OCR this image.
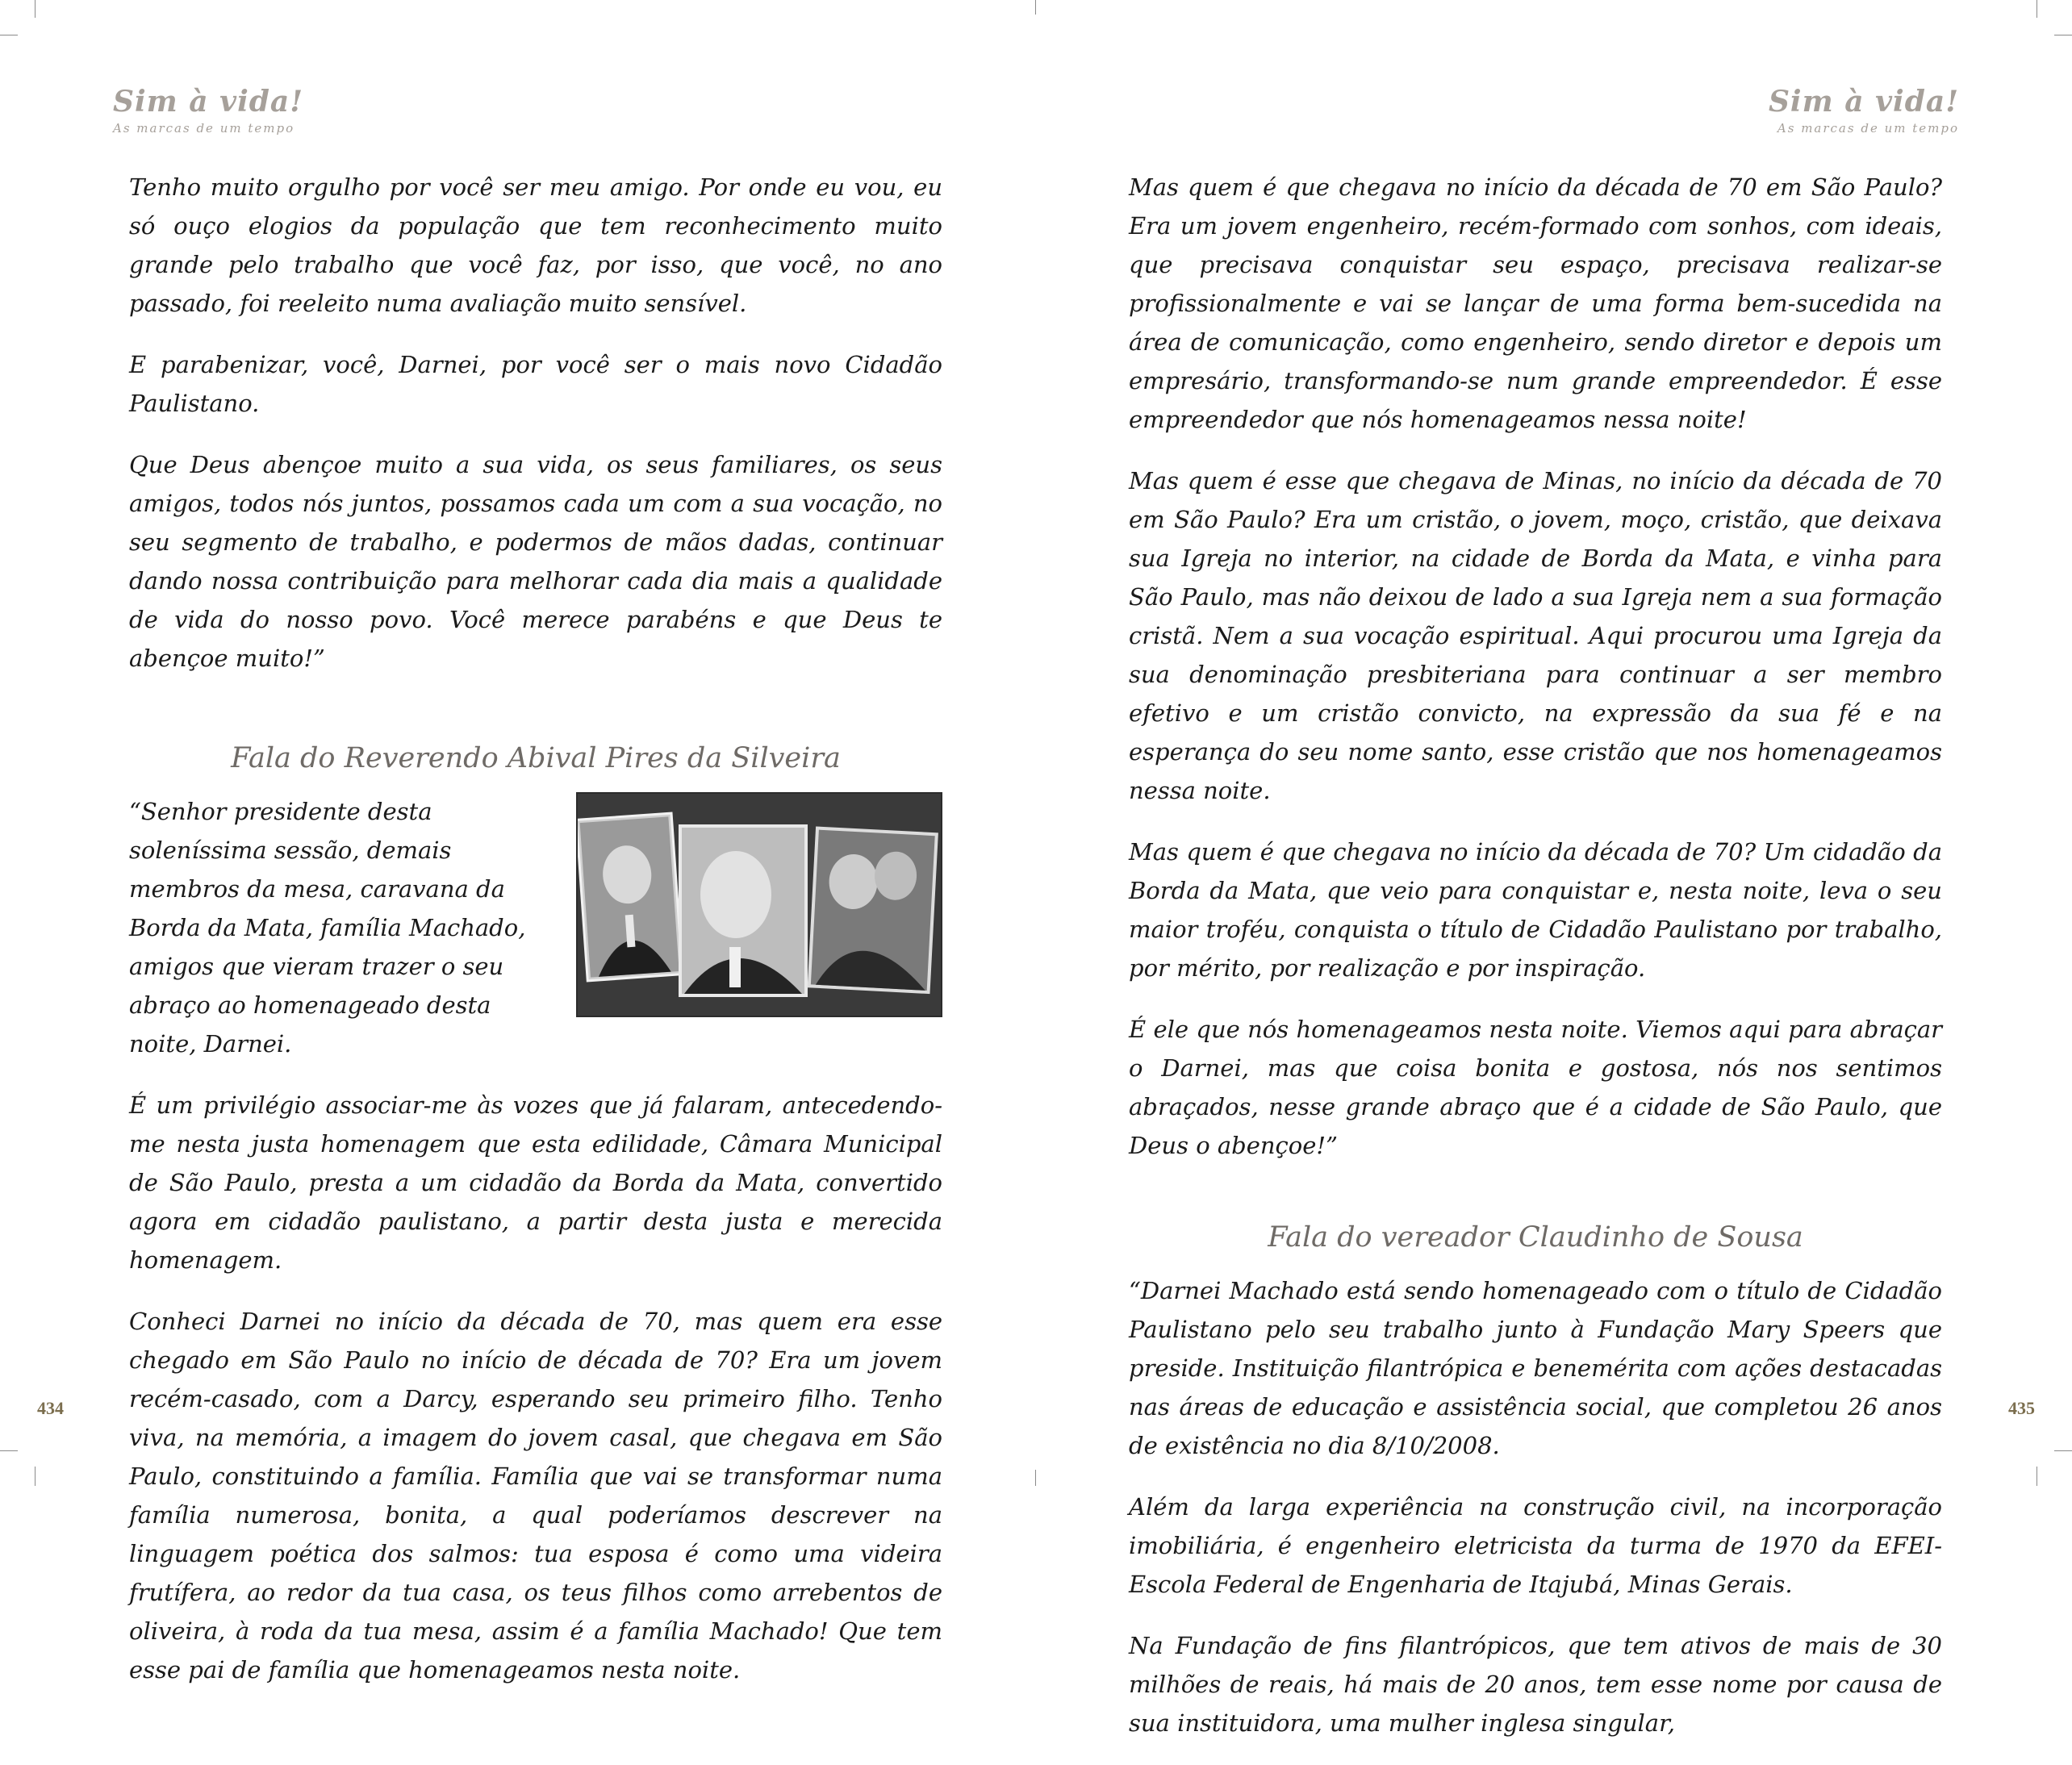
Sim à vida!
As marcas de um tempo

Tenho muito orgulho por você ser meu amigo. Por onde eu vou, eu só ouço elogios da população que tem reconhecimento muito grande pelo trabalho que você faz, por isso, que você, no ano passado, foi reeleito numa avaliação muito sensível.

E parabenizar, você, Darnei, por você ser o mais novo Cidadão Paulistano.

Que Deus abençoe muito a sua vida, os seus familiares, os seus amigos, todos nós juntos, possamos cada um com a sua vocação, no seu segmento de trabalho, e podermos de mãos dadas, continuar dando nossa contribuição para melhorar cada dia mais a qualidade de vida do nosso povo. Você merece parabéns e que Deus te abençoe muito!”

Fala do Reverendo Abival Pires da Silveira

“Senhor presidente desta soleníssima sessão, demais membros da mesa, caravana da Borda da Mata, família Machado, amigos que vieram trazer o seu abraço ao homenageado desta noite, Darnei.

É um privilégio associar-me às vozes que já falaram, antecedendo-me nesta justa homenagem que esta edilidade, Câmara Municipal de São Paulo, presta a um cidadão da Borda da Mata, convertido agora em cidadão paulistano, a partir desta justa e merecida homenagem.

Conheci Darnei no início da década de 70, mas quem era esse chegado em São Paulo no início de década de 70? Era um jovem recém-casado, com a Darcy, esperando seu primeiro filho. Tenho viva, na memória, a imagem do jovem casal, que chegava em São Paulo, constituindo a família. Família que vai se transformar numa família numerosa, bonita, a qual poderíamos descrever na linguagem poética dos salmos: tua esposa é como uma videira frutífera, ao redor da tua casa, os teus filhos como arrebentos de oliveira, à roda da tua mesa, assim é a família Machado! Que tem esse pai de família que homenageamos nesta noite.

434
Sim à vida!
As marcas de um tempo

Mas quem é que chegava no início da década de 70 em São Paulo? Era um jovem engenheiro, recém-formado com sonhos, com ideais, que precisava conquistar seu espaço, precisava realizar-se profissionalmente e vai se lançar de uma forma bem-sucedida na área de comunicação, como engenheiro, sendo diretor e depois um empresário, transformando-se num grande empreendedor. É esse empreendedor que nós homenageamos nessa noite!

Mas quem é esse que chegava de Minas, no início da década de 70 em São Paulo? Era um cristão, o jovem, moço, cristão, que deixava sua Igreja no interior, na cidade de Borda da Mata, e vinha para São Paulo, mas não deixou de lado a sua Igreja nem a sua formação cristã. Nem a sua vocação espiritual. Aqui procurou uma Igreja da sua denominação presbiteriana para continuar a ser membro efetivo e um cristão convicto, na expressão da sua fé e na esperança do seu nome santo, esse cristão que nos homenageamos nessa noite.

Mas quem é que chegava no início da década de 70? Um cidadão da Borda da Mata, que veio para conquistar e, nesta noite, leva o seu maior troféu, conquista o título de Cidadão Paulistano por trabalho, por mérito, por realização e por inspiração.

É ele que nós homenageamos nesta noite. Viemos aqui para abraçar o Darnei, mas que coisa bonita e gostosa, nós nos sentimos abraçados, nesse grande abraço que é a cidade de São Paulo, que Deus o abençoe!”

Fala do vereador Claudinho de Sousa

“Darnei Machado está sendo homenageado com o título de Cidadão Paulistano pelo seu trabalho junto à Fundação Mary Speers que preside. Instituição filantrópica e benemérita com ações destacadas nas áreas de educação e assistência social, que completou 26 anos de existência no dia 8/10/2008.

Além da larga experiência na construção civil, na incorporação imobiliária, é engenheiro eletricista da turma de 1970 da EFEI-Escola Federal de Engenharia de Itajubá, Minas Gerais.

Na Fundação de fins filantrópicos, que tem ativos de mais de 30 milhões de reais, há mais de 20 anos, tem esse nome por causa de sua instituidora, uma mulher inglesa singular,

435
